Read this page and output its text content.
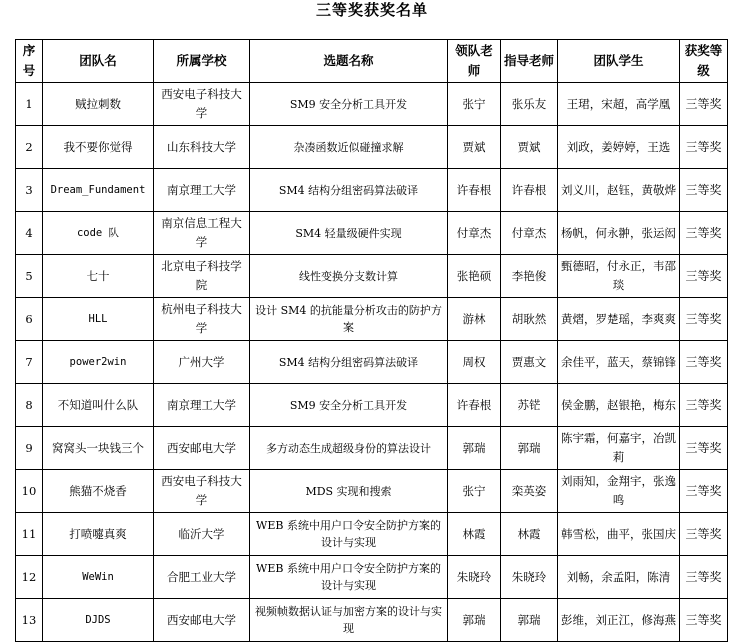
三等奖获奖名单
序号	团队名	所属学校	选题名称	领队老师	指导老师	团队学生	获奖等级
1	贼拉刺数	西安电子科技大学	SM9 安全分析工具开发	张宁	张乐友	王珺，宋超，高学凰	三等奖
2	我不要你觉得	山东科技大学	杂凑函数近似碰撞求解	贾斌	贾斌	刘政，姜婷婷，王选	三等奖
3	Dream_Fundament	南京理工大学	SM4 结构分组密码算法破译	许春根	许春根	刘义川，赵钰，黄敬烨	三等奖
4	code 队	南京信息工程大学	SM4 轻量级硬件实现	付章杰	付章杰	杨帆，何永翀，张运闳	三等奖
5	七十	北京电子科技学院	线性变换分支数计算	张艳硕	李艳俊	甄德昭，付永正，韦邵琰	三等奖
6	HLL	杭州电子科技大学	设计 SM4 的抗能量分析攻击的防护方案	游林	胡耿然	黄熠，罗楚瑶，李爽爽	三等奖
7	power2win	广州大学	SM4 结构分组密码算法破译	周权	贾惠文	余佳平，蓝天，蔡锦锋	三等奖
8	不知道叫什么队	南京理工大学	SM9 安全分析工具开发	许春根	苏铓	侯金鹏，赵银艳，梅东	三等奖
9	窝窝头一块钱三个	西安邮电大学	多方动态生成超级身份的算法设计	郭瑞	郭瑞	陈宇霜，何嘉宇，冶凯莉	三等奖
10	熊猫不烧香	西安电子科技大学	MDS 实现和搜索	张宁	栾英姿	刘雨知，金翔宇，张逸鸣	三等奖
11	打喷嚏真爽	临沂大学	WEB 系统中用户口令安全防护方案的设计与实现	林霞	林霞	韩雪松，曲平，张国庆	三等奖
12	WeWin	合肥工业大学	WEB 系统中用户口令安全防护方案的设计与实现	朱晓玲	朱晓玲	刘畅，余孟阳，陈清	三等奖
13	DJDS	西安邮电大学	视频帧数据认证与加密方案的设计与实现	郭瑞	郭瑞	彭维，刘正江，修海燕	三等奖
